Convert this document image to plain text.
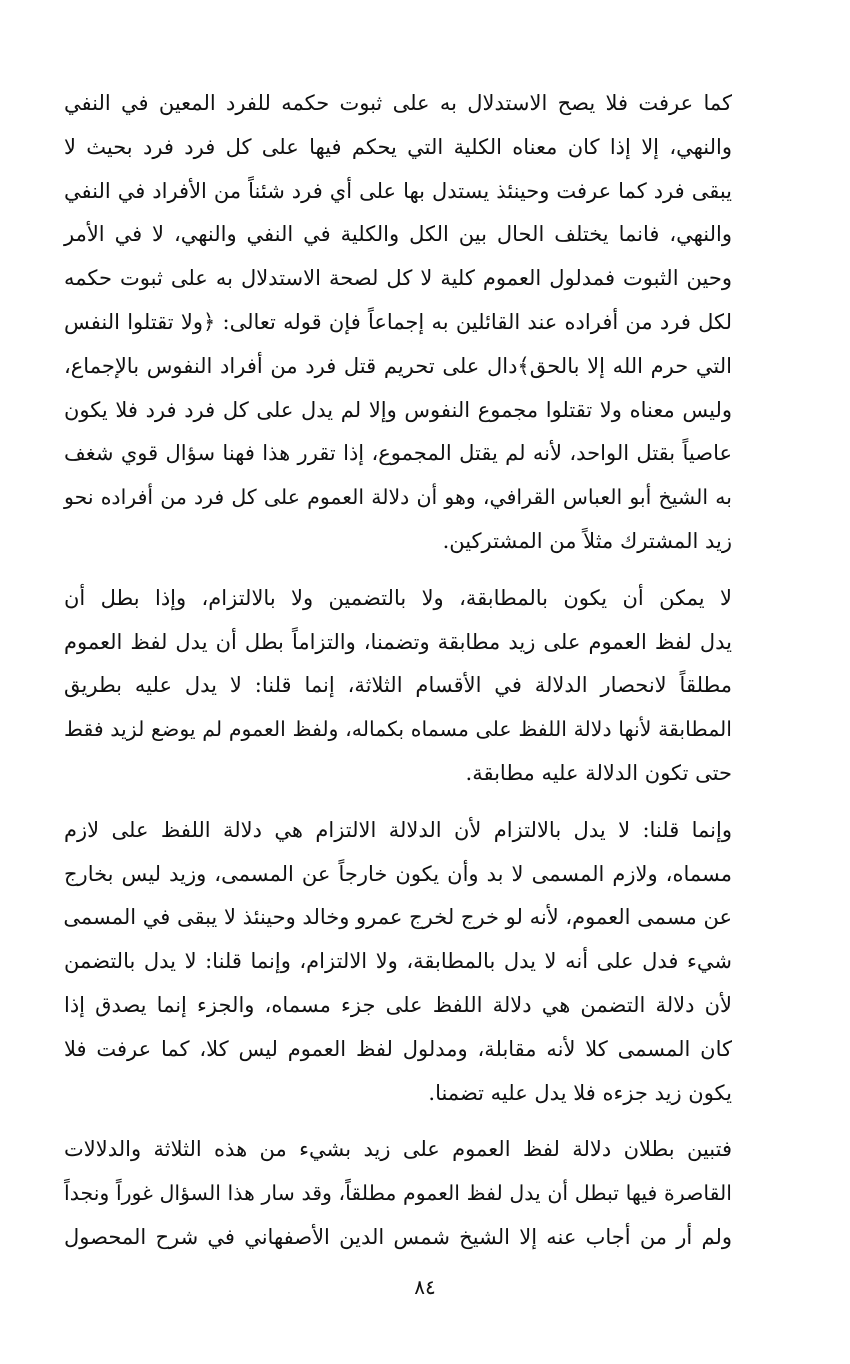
كما عرفت فلا يصح الاستدلال به على ثبوت حكمه للفرد المعين في النفي
والنهي، إلا إذا كان معناه الكلية التي يحكم فيها على كل فرد فرد بحيث لا
يبقى فرد كما عرفت وحينئذ يستدل بها على أي فرد شئناً من الأفراد في النفي
والنهي، فانما يختلف الحال بين الكل والكلية في النفي والنهي، لا في الأمر
وحين الثبوت فمدلول العموم كلية لا كل لصحة الاستدلال به على ثبوت حكمه
لكل فرد من أفراده عند القائلين به إجماعاً فإن قوله تعالى: ﴿ولا تقتلوا النفس
التي حرم الله إلا بالحق﴾دال على تحريم قتل فرد من أفراد النفوس بالإجماع،
وليس معناه ولا تقتلوا مجموع النفوس وإلا لم يدل على كل فرد فرد فلا يكون
عاصياً بقتل الواحد، لأنه لم يقتل المجموع، إذا تقرر هذا فهنا سؤال قوي شغف
به الشيخ أبو العباس القرافي، وهو أن دلالة العموم على كل فرد من أفراده نحو
زيد المشترك مثلاً من المشتركين.

لا يمكن أن يكون بالمطابقة، ولا بالتضمين ولا بالالتزام، وإذا بطل أن
يدل لفظ العموم على زيد مطابقة وتضمنا، والتزاماً بطل أن يدل لفظ العموم
مطلقاً لانحصار الدلالة في الأقسام الثلاثة، إنما قلنا: لا يدل عليه بطريق
المطابقة لأنها دلالة اللفظ على مسماه بكماله، ولفظ العموم لم يوضع لزيد فقط
حتى تكون الدلالة عليه مطابقة.

وإنما قلنا: لا يدل بالالتزام لأن الدلالة الالتزام هي دلالة اللفظ على لازم
مسماه، ولازم المسمى لا بد وأن يكون خارجاً عن المسمى، وزيد ليس بخارج
عن مسمى العموم، لأنه لو خرج لخرج عمرو وخالد وحينئذ لا يبقى في المسمى
شيء فدل على أنه لا يدل بالمطابقة، ولا الالتزام، وإنما قلنا: لا يدل بالتضمن
لأن دلالة التضمن هي دلالة اللفظ على جزء مسماه، والجزء إنما يصدق إذا
كان المسمى كلا لأنه مقابلة، ومدلول لفظ العموم ليس كلا، كما عرفت فلا
يكون زيد جزءه فلا يدل عليه تضمنا.

فتبين بطلان دلالة لفظ العموم على زيد بشيء من هذه الثلاثة والدلالات
القاصرة فيها تبطل أن يدل لفظ العموم مطلقاً، وقد سار هذا السؤال غوراً ونجداً
ولم أر من أجاب عنه إلا الشيخ شمس الدين الأصفهاني في شرح المحصول

٨٤
